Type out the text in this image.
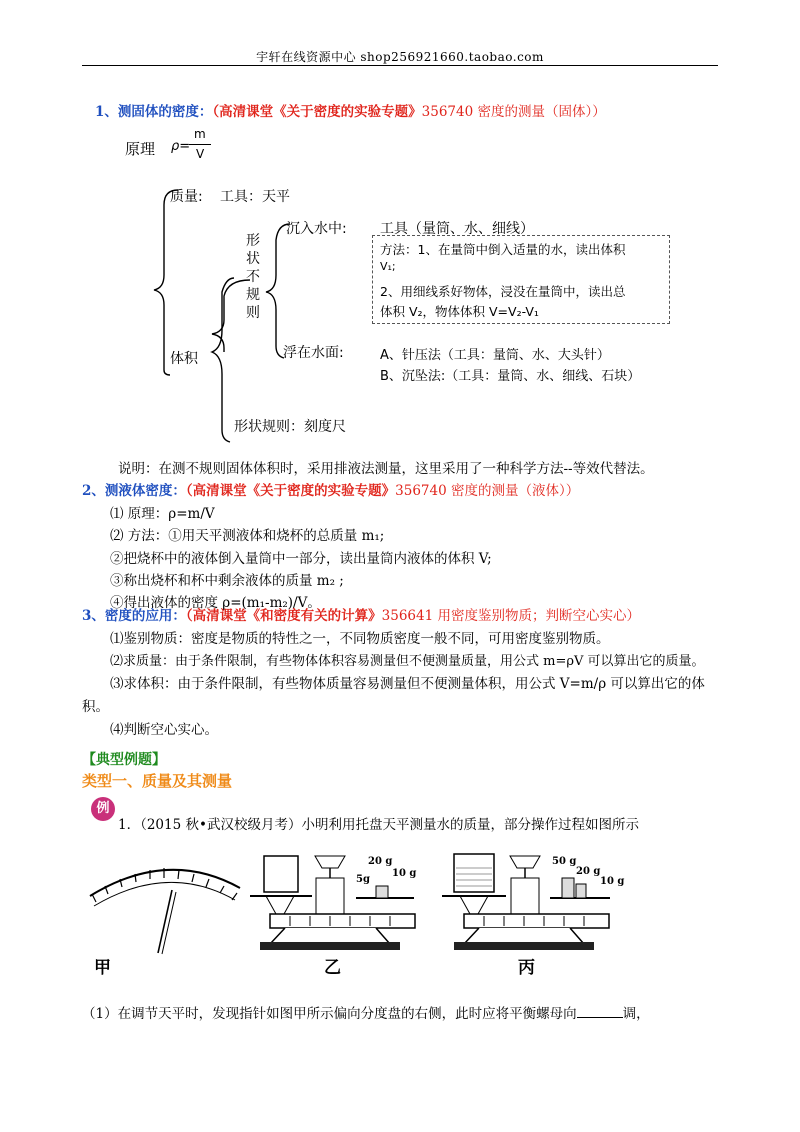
宇轩在线资源中心 shop256921660.taobao.com
1、测固体的密度：（高清课堂《关于密度的实验专题》356740 密度的测量（固体））
原理 ρ=
m
V
质量: 工具：天平
形
状
不
规
则
沉入水中: 工具（量筒、水、细线）
方法：1、在量筒中倒入适量的水，读出体积
V₁;
2、用细线系好物体，浸没在量筒中，读出总
体积 V₂，物体体积 V=V₂-V₁
体积	浮在水面:	A、针压法（工具：量筒、水、大头针）
B、沉坠法:（工具：量筒、水、细线、石块）
形状规则：刻度尺
说明：在测不规则固体体积时，采用排液法测量，这里采用了一种科学方法--等效代替法。
2、测液体密度：（高清课堂《关于密度的实验专题》356740 密度的测量（液体））
⑴ 原理：ρ=m/V
⑵ 方法：①用天平测液体和烧杯的总质量 m₁;
②把烧杯中的液体倒入量筒中一部分，读出量筒内液体的体积 V;
③称出烧杯和杯中剩余液体的质量 m₂ ;
④得出液体的密度 ρ=(m₁-m₂)/V。
3、密度的应用：（高清课堂《和密度有关的计算》356641 用密度鉴别物质；判断空心实心）
⑴鉴别物质：密度是物质的特性之一，不同物质密度一般不同，可用密度鉴别物质。
⑵求质量：由于条件限制，有些物体体积容易测量但不便测量质量，用公式 m=ρV 可以算出它的质量。
⑶求体积：由于条件限制，有些物体质量容易测量但不便测量体积，用公式 V=m/ρ 可以算出它的体
积。
⑷判断空心实心。
【典型例题】
类型一、质量及其测量
例
1．（2015 秋•武汉校级月考）小明利用托盘天平测量水的质量，部分操作过程如图所示
甲	乙	丙
20 g
10 g
5g
50 g
20 g
10 g
（1）在调节天平时，发现指针如图甲所示偏向分度盘的右侧，此时应将平衡螺母向	调，
